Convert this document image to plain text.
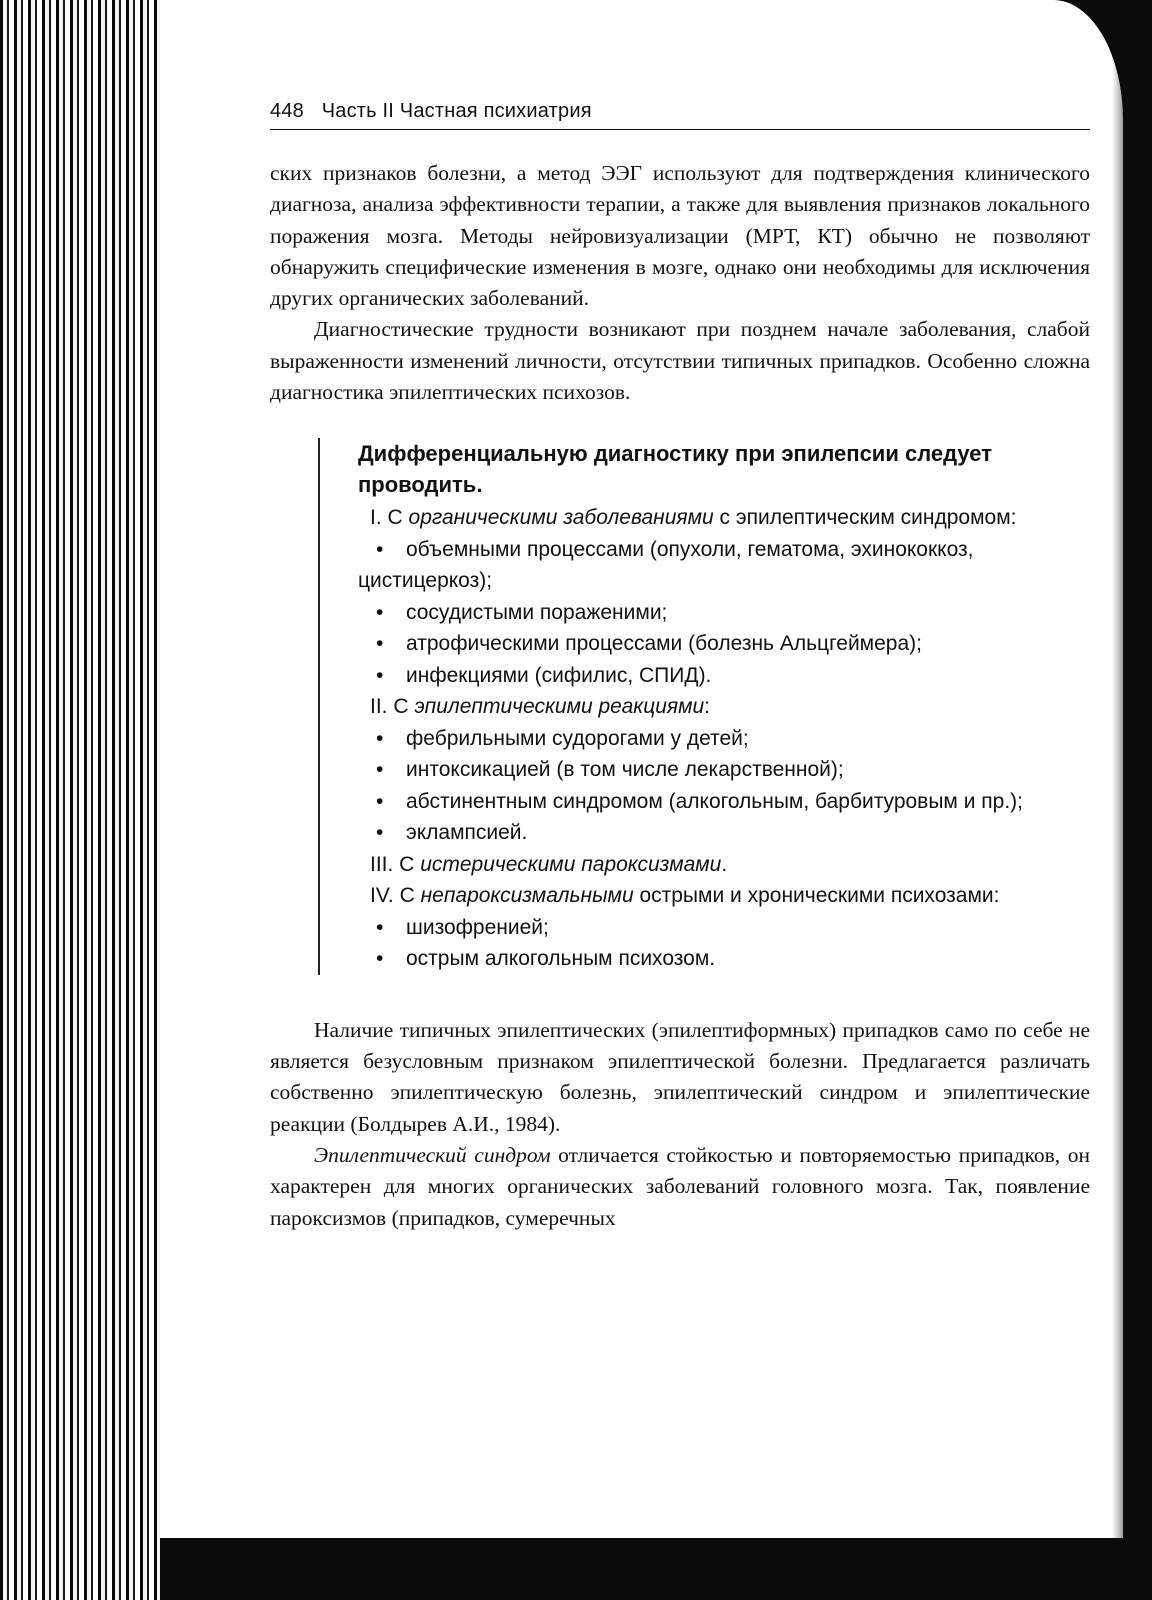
448 Часть II Частная психиатрия

ских признаков болезни, а метод ЭЭГ используют для подтверждения клинического диагноза, анализа эффективности терапии, а также для выявления признаков локального поражения мозга. Методы нейровизуализации (МРТ, КТ) обычно не позволяют обнаружить специфические изменения в мозге, однако они необходимы для исключения других органических заболеваний.

Диагностические трудности возникают при позднем начале заболевания, слабой выраженности изменений личности, отсутствии типичных припадков. Особенно сложна диагностика эпилептических психозов.

Дифференциальную диагностику при эпилепсии следует проводить.

I. С органическими заболеваниями с эпилептическим синдромом:

• объемными процессами (опухоли, гематома, эхинококкоз, цистицеркоз);

• сосудистыми пораженими;

• атрофическими процессами (болезнь Альцгеймера);

• инфекциями (сифилис, СПИД).

II. С эпилептическими реакциями:

• фебрильными судорогами у детей;

• интоксикацией (в том числе лекарственной);

• абстинентным синдромом (алкогольным, барбитуровым и пр.);

• эклампсией.

III. С истерическими пароксизмами.

IV. С непароксизмальными острыми и хроническими психозами:

• шизофренией;

• острым алкогольным психозом.

Наличие типичных эпилептических (эпилептиформных) припадков само по себе не является безусловным признаком эпилептической болезни. Предлагается различать собственно эпилептическую болезнь, эпилептический синдром и эпилептические реакции (Болдырев А.И., 1984).

Эпилептический синдром отличается стойкостью и повторяемостью припадков, он характерен для многих органических заболеваний головного мозга. Так, появление пароксизмов (припадков, сумеречных
